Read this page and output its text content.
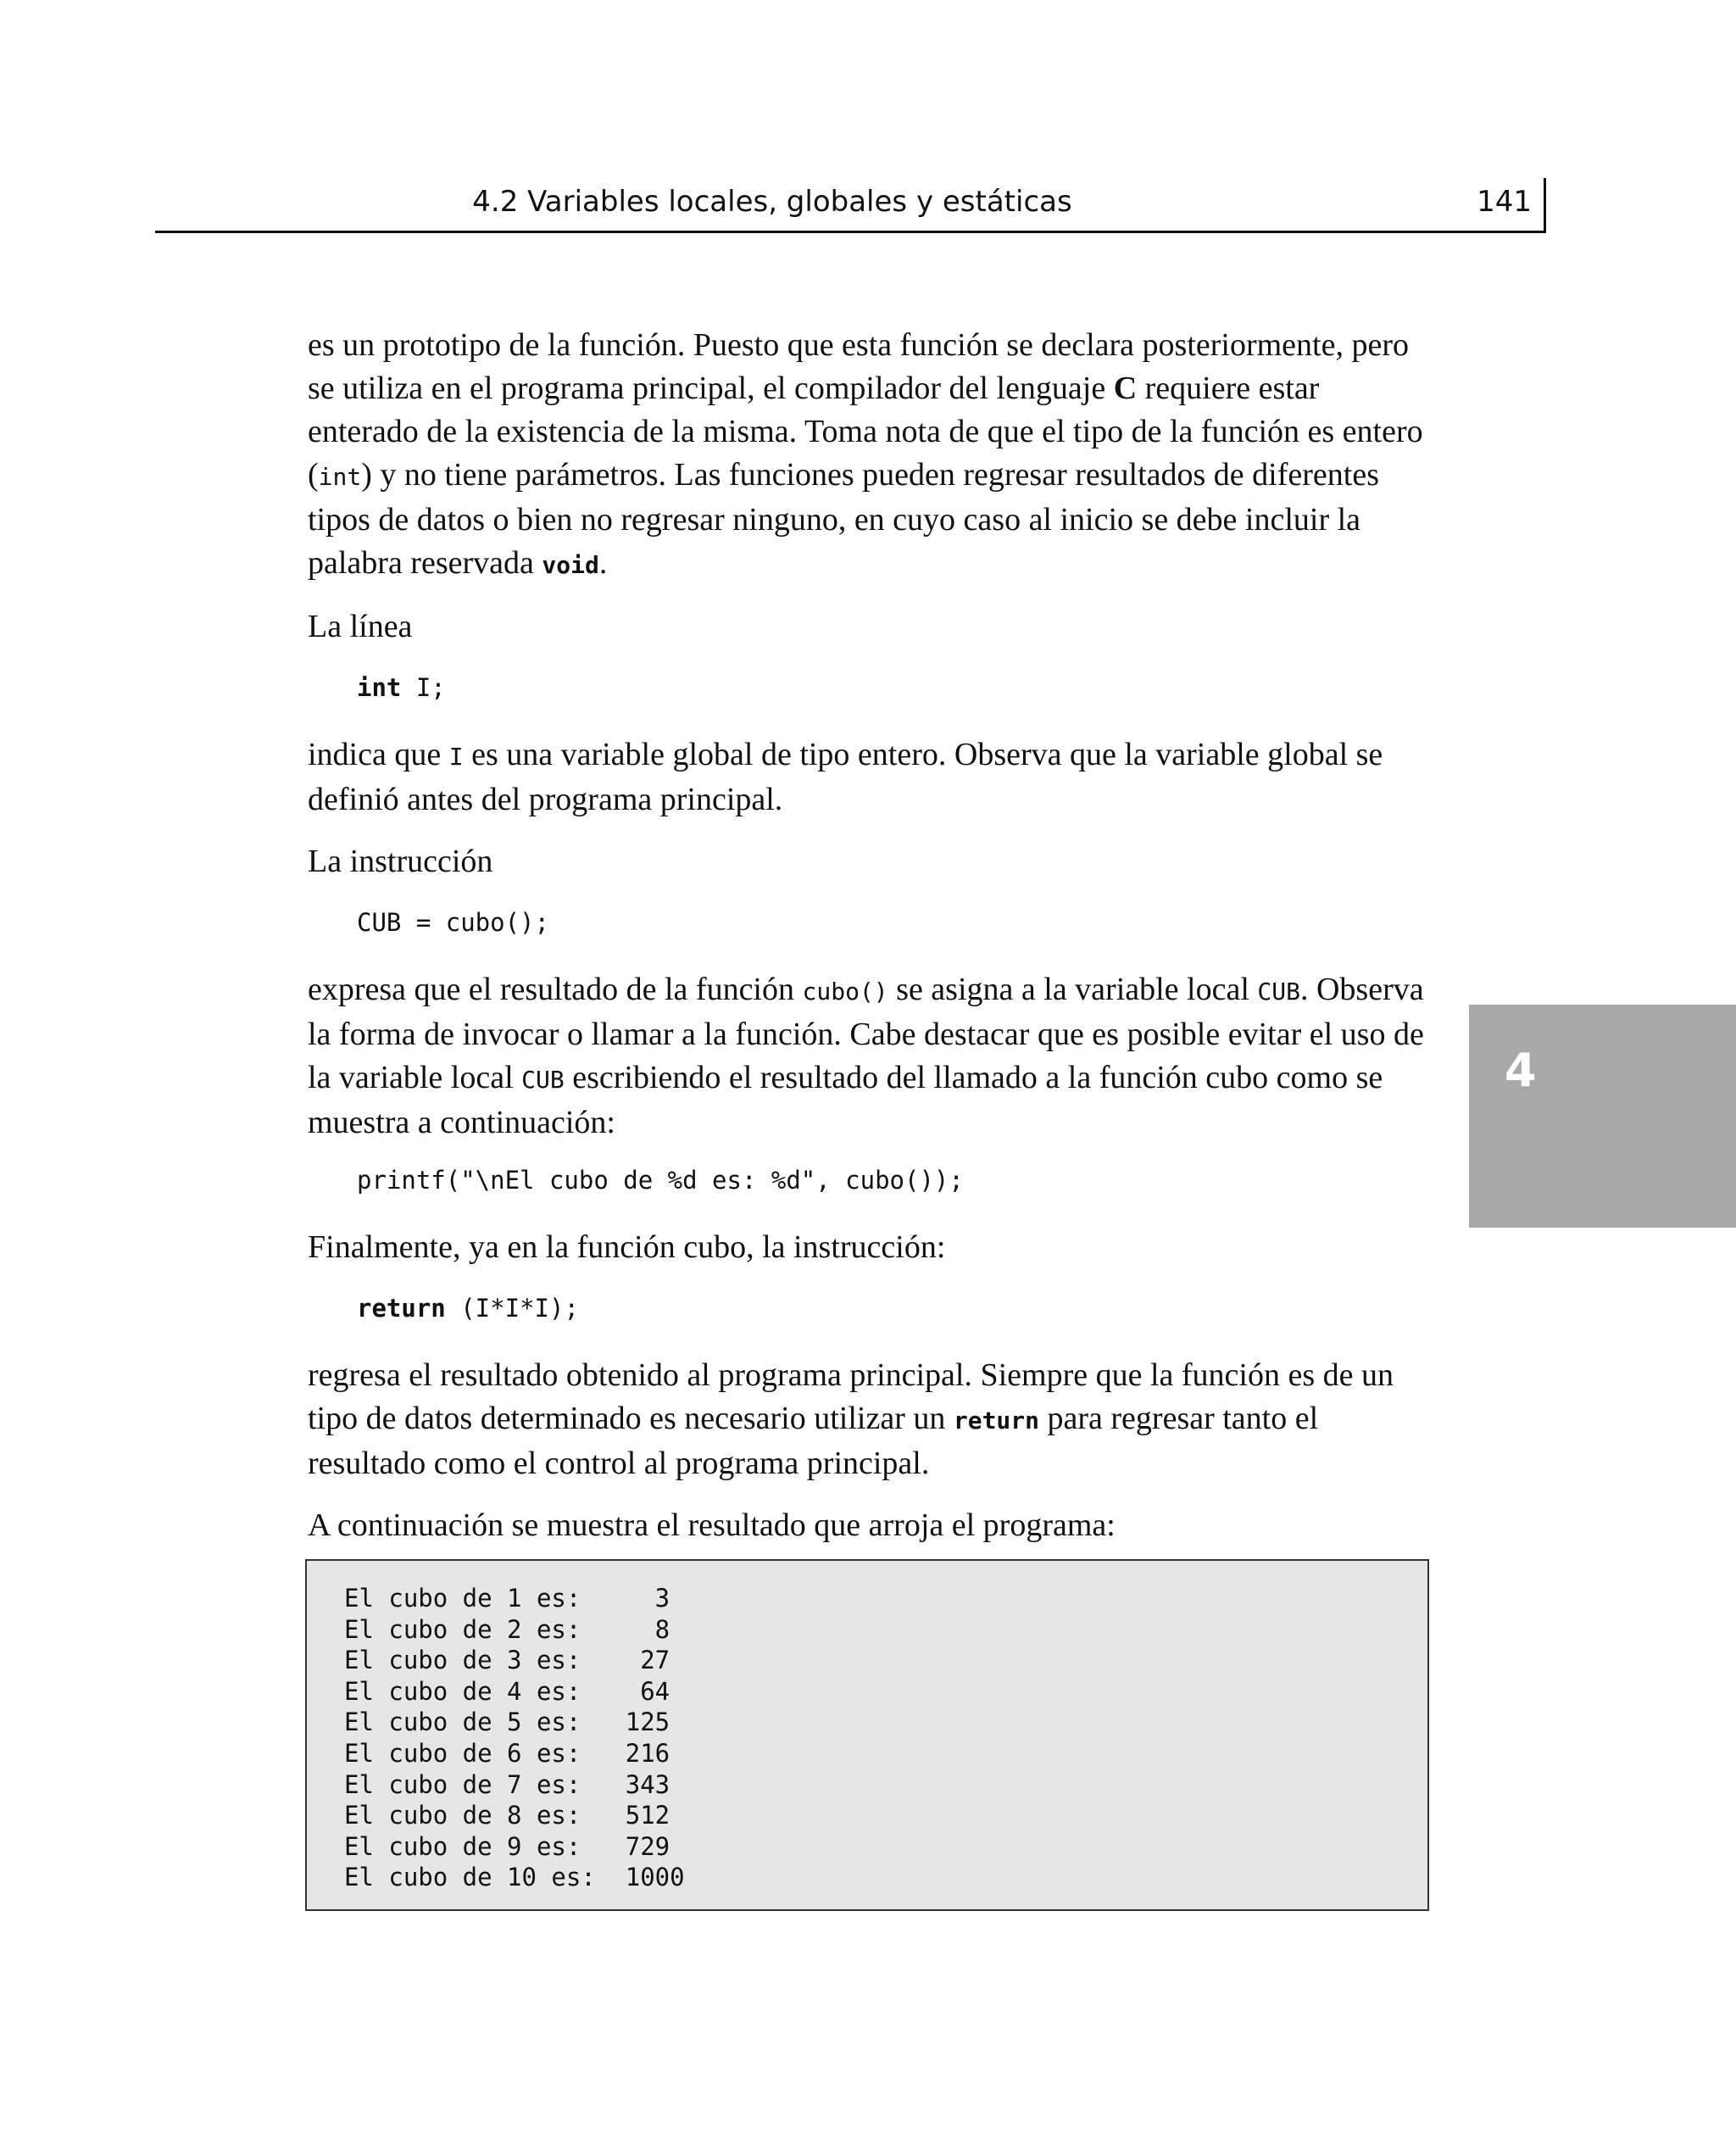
4.2 Variables locales, globales y estáticas	141
4

es un prototipo de la función. Puesto que esta función se declara posteriormente, pero se utiliza en el programa principal, el compilador del lenguaje C requiere estar enterado de la existencia de la misma. Toma nota de que el tipo de la función es entero (int) y no tiene parámetros. Las funciones pueden regresar resultados de diferentes tipos de datos o bien no regresar ninguno, en cuyo caso al inicio se debe incluir la palabra reservada void.

La línea

int I;

indica que I es una variable global de tipo entero. Observa que la variable global se definió antes del programa principal.

La instrucción

CUB = cubo();

expresa que el resultado de la función cubo() se asigna a la variable local CUB. Observa la forma de invocar o llamar a la función. Cabe destacar que es posible evitar el uso de la variable local CUB escribiendo el resultado del llamado a la función cubo como se muestra a continuación:

printf("\nEl cubo de %d es: %d", cubo());

Finalmente, ya en la función cubo, la instrucción:

return (I*I*I);

regresa el resultado obtenido al programa principal. Siempre que la función es de un tipo de datos determinado es necesario utilizar un return para regresar tanto el resultado como el control al programa principal.

A continuación se muestra el resultado que arroja el programa:

El cubo de 1 es:     3
El cubo de 2 es:     8
El cubo de 3 es:    27
El cubo de 4 es:    64
El cubo de 5 es:   125
El cubo de 6 es:   216
El cubo de 7 es:   343
El cubo de 8 es:   512
El cubo de 9 es:   729
El cubo de 10 es:  1000
